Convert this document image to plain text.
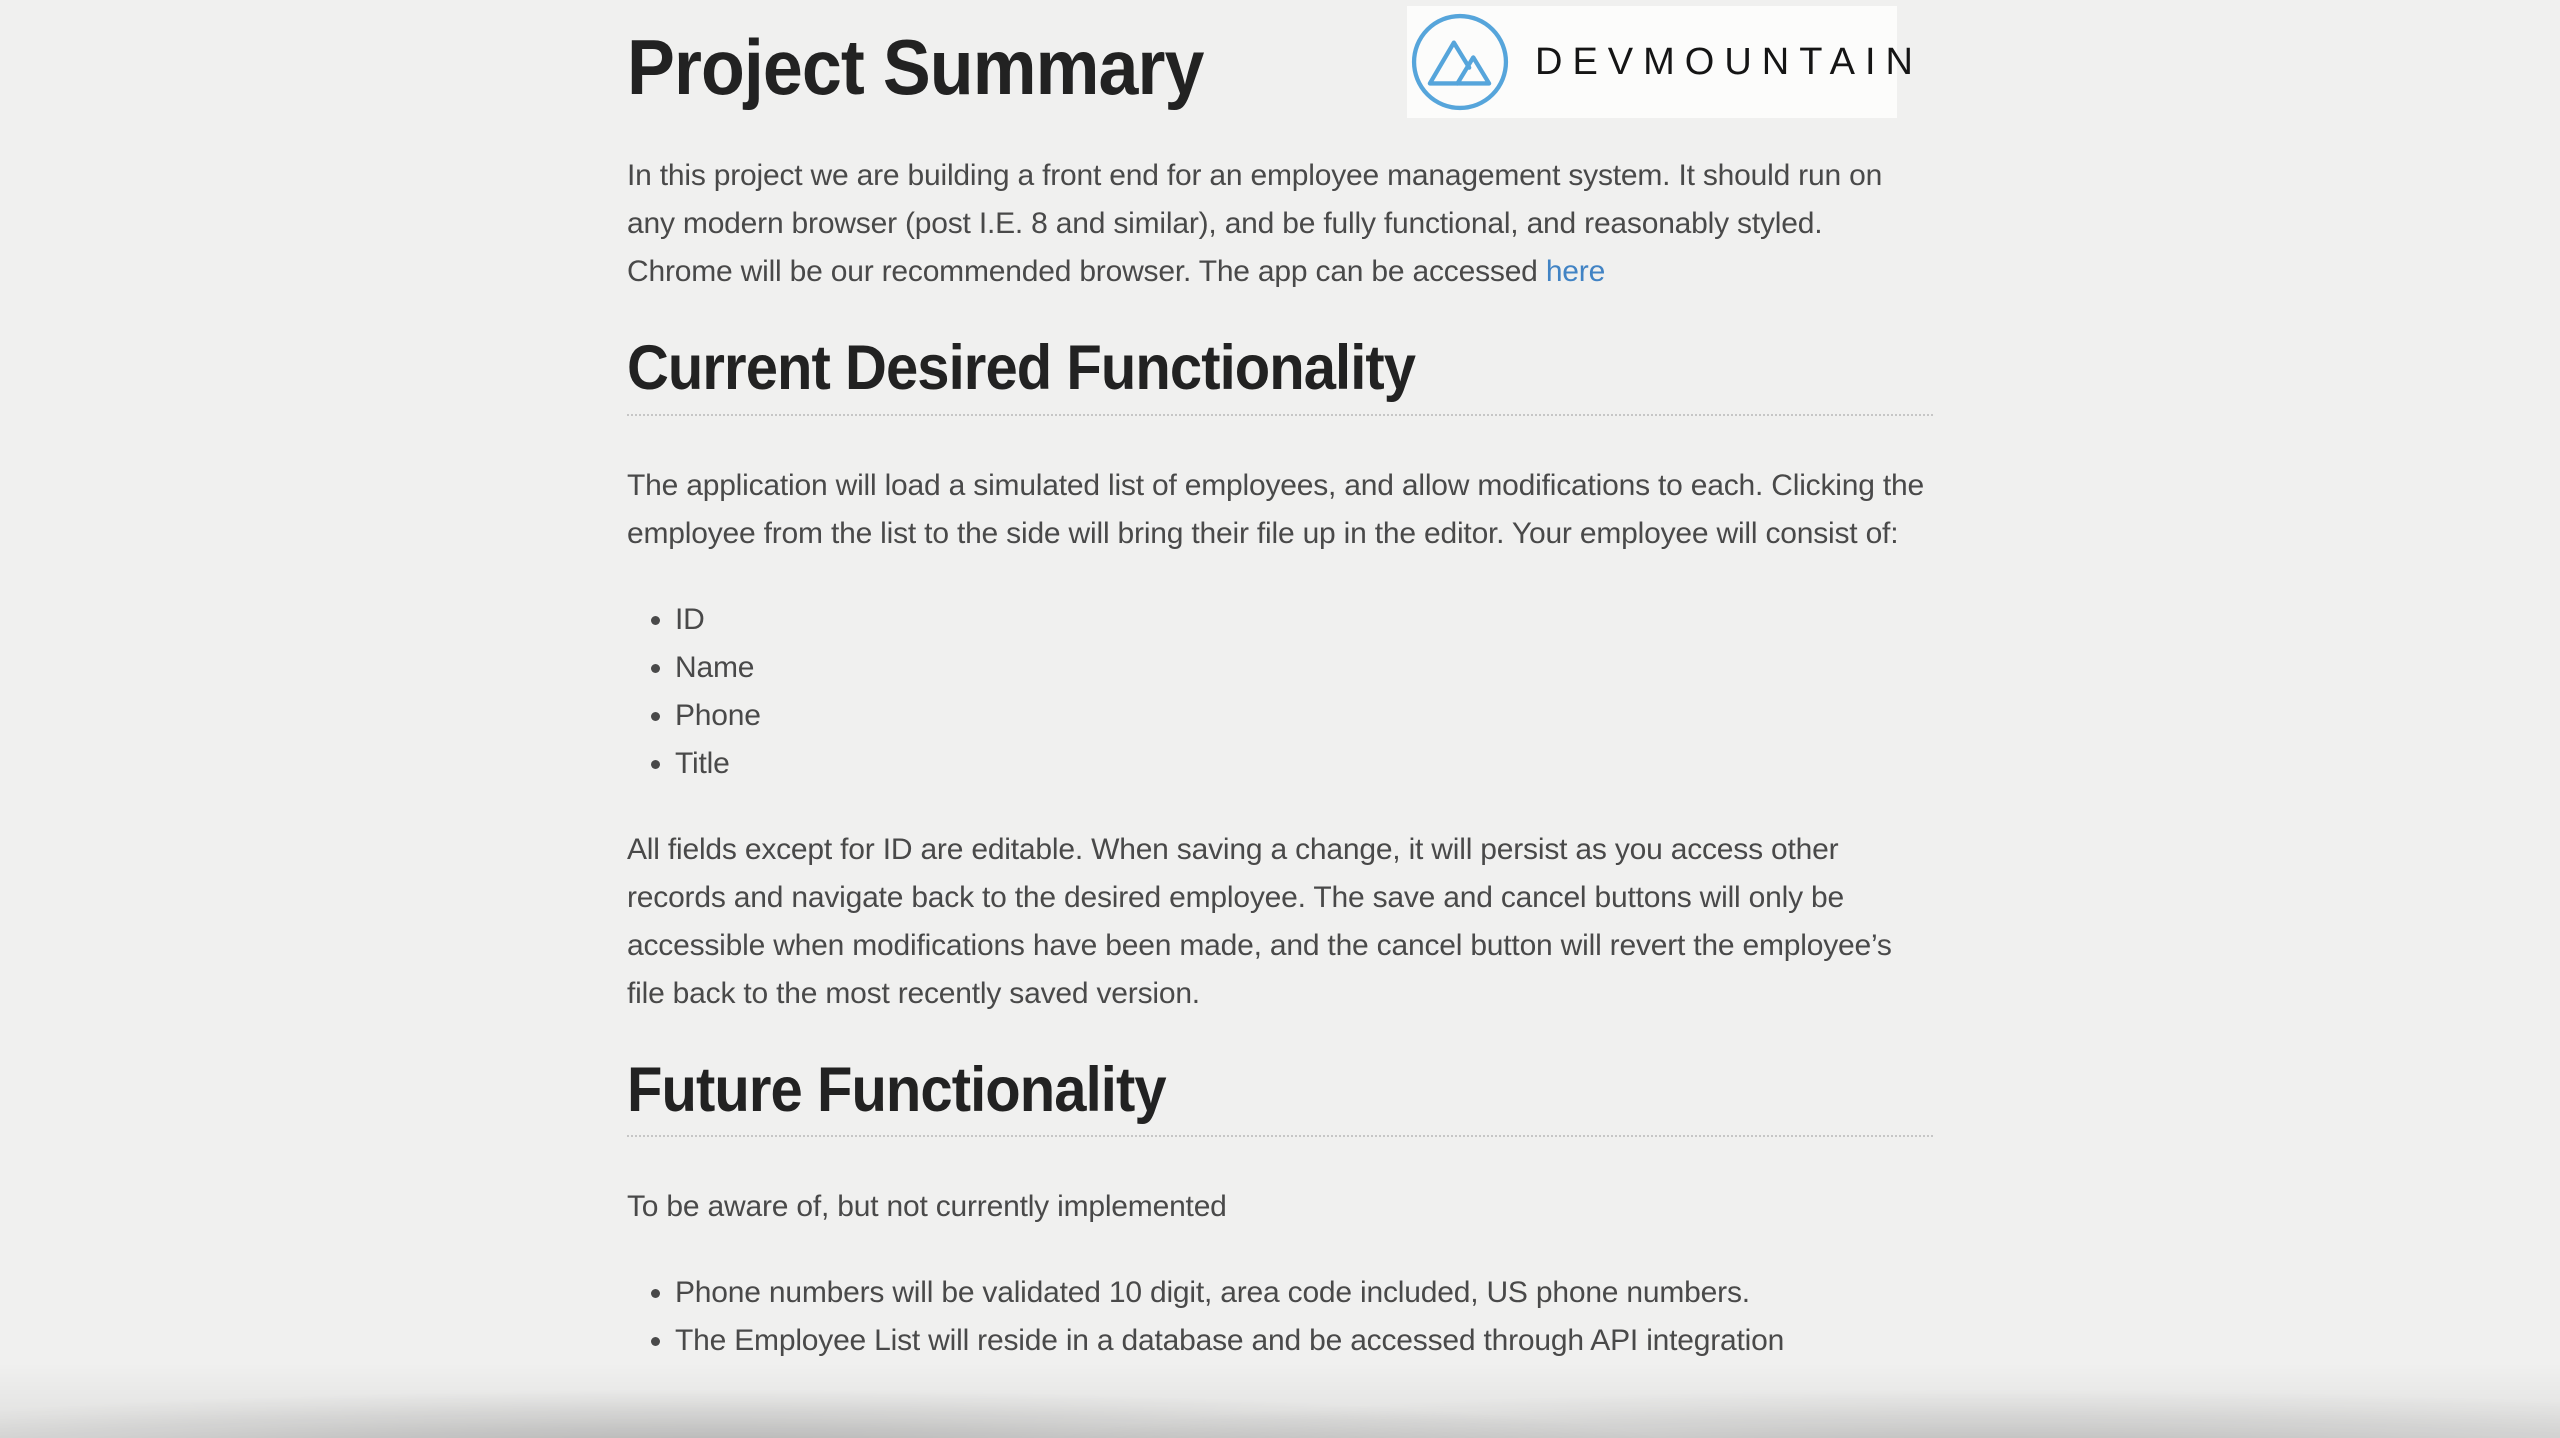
DEVMOUNTAIN
Project Summary

In this project we are building a front end for an employee management system. It should run on any modern browser (post I.E. 8 and similar), and be fully functional, and reasonably styled. Chrome will be our recommended browser. The app can be accessed here

Current Desired Functionality

The application will load a simulated list of employees, and allow modifications to each. Clicking the employee from the list to the side will bring their file up in the editor. Your employee will consist of:

• ID
• Name
• Phone
• Title

All fields except for ID are editable. When saving a change, it will persist as you access other records and navigate back to the desired employee. The save and cancel buttons will only be accessible when modifications have been made, and the cancel button will revert the employee’s file back to the most recently saved version.

Future Functionality

To be aware of, but not currently implemented

• Phone numbers will be validated 10 digit, area code included, US phone numbers.
• The Employee List will reside in a database and be accessed through API integration
